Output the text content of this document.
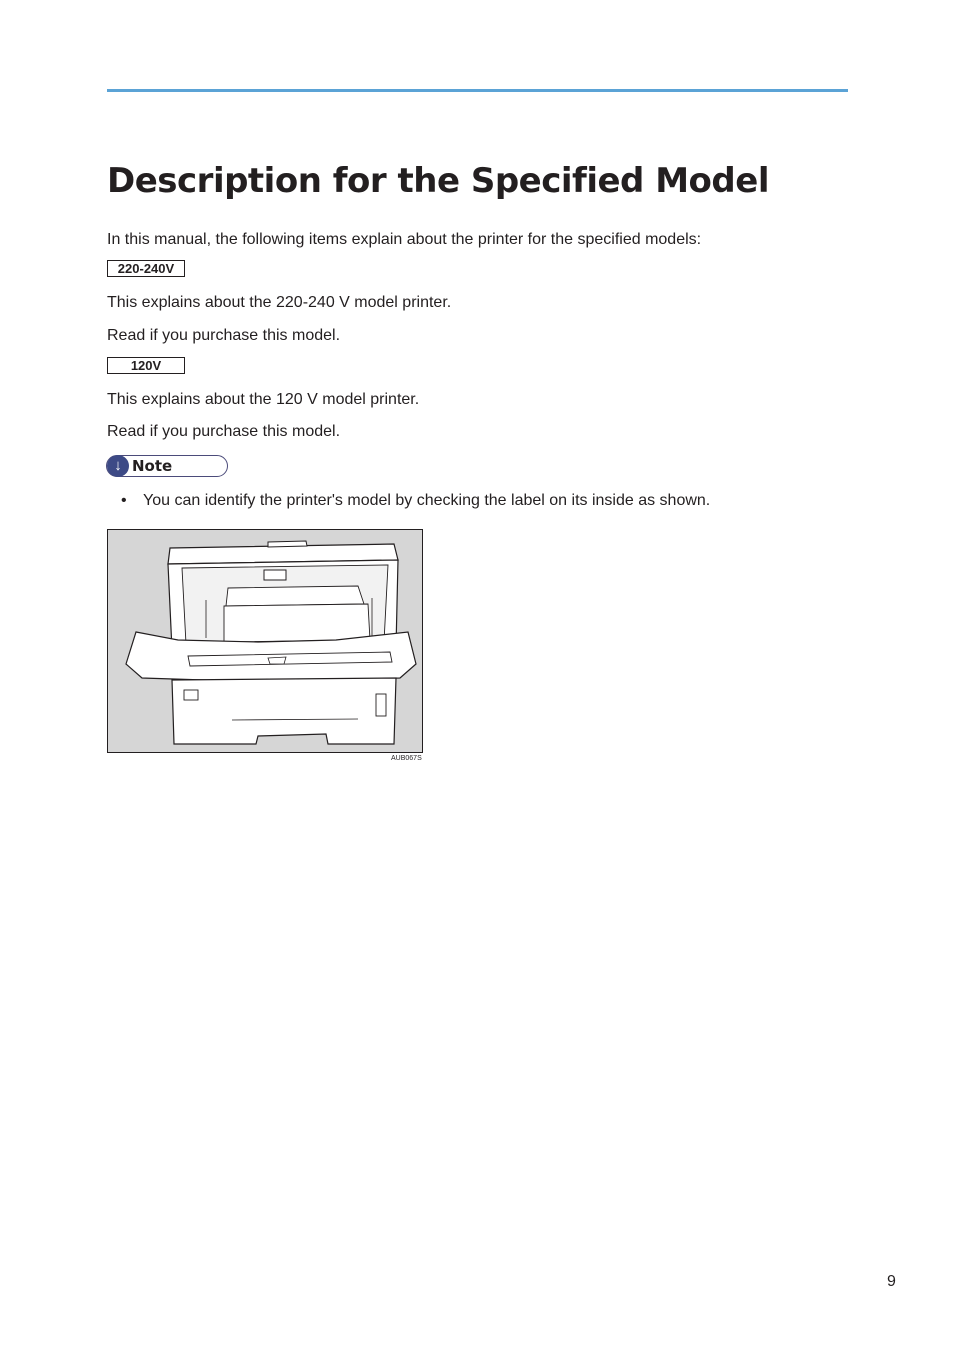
Description for the Specified Model

In this manual, the following items explain about the printer for the specified models:

220-240V

This explains about the 220-240 V model printer.

Read if you purchase this model.

120V

This explains about the 120 V model printer.

Read if you purchase this model.

↓ Note
• You can identify the printer's model by checking the label on its inside as shown.
AUB067S
9
